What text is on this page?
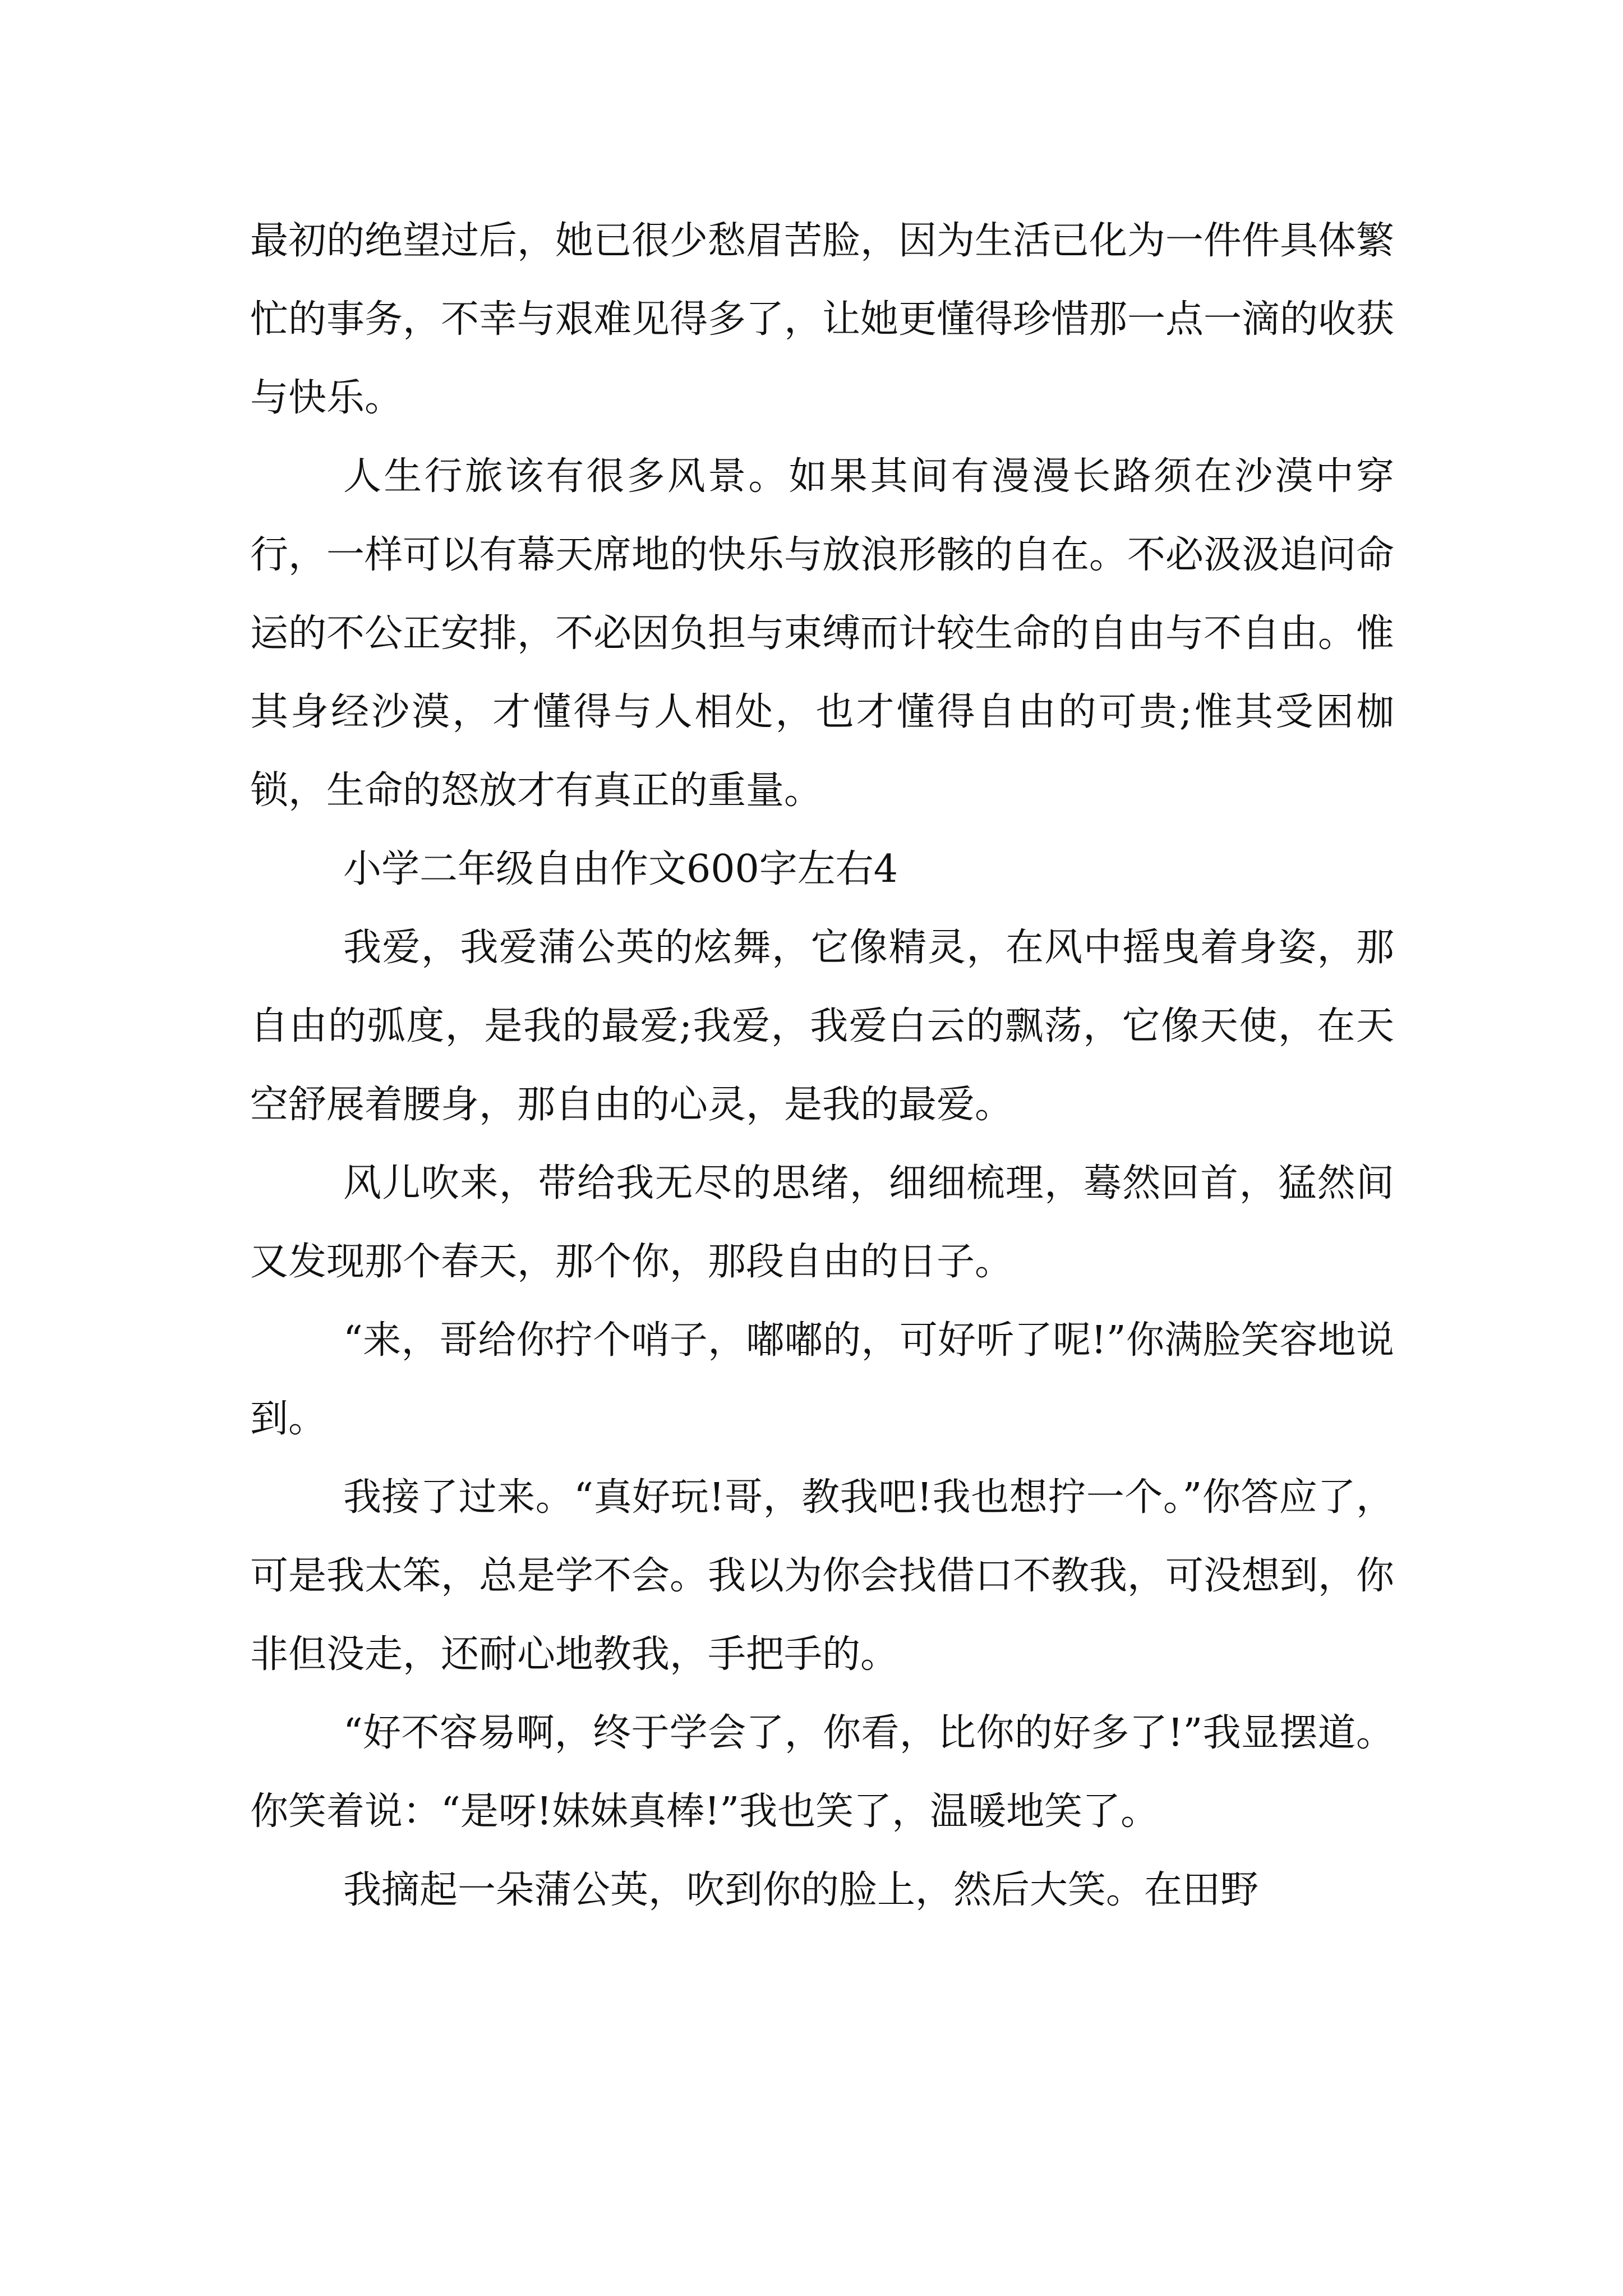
最初的绝望过后，她已很少愁眉苦脸，因为生活已化为一件件具体繁忙的事务，不幸与艰难见得多了，让她更懂得珍惜那一点一滴的收获与快乐。

人生行旅该有很多风景。如果其间有漫漫长路须在沙漠中穿行，一样可以有幕天席地的快乐与放浪形骸的自在。不必汲汲追问命运的不公正安排，不必因负担与束缚而计较生命的自由与不自由。惟其身经沙漠，才懂得与人相处，也才懂得自由的可贵;惟其受困枷锁，生命的怒放才有真正的重量。

小学二年级自由作文600字左右4

我爱，我爱蒲公英的炫舞，它像精灵，在风中摇曳着身姿，那自由的弧度，是我的最爱;我爱，我爱白云的飘荡，它像天使，在天空舒展着腰身，那自由的心灵，是我的最爱。

风儿吹来，带给我无尽的思绪，细细梳理，蓦然回首，猛然间又发现那个春天，那个你，那段自由的日子。

“来，哥给你拧个哨子，嘟嘟的，可好听了呢!”你满脸笑容地说到。

我接了过来。“真好玩!哥，教我吧!我也想拧一个。”你答应了，可是我太笨，总是学不会。我以为你会找借口不教我，可没想到，你非但没走，还耐心地教我，手把手的。

“好不容易啊，终于学会了，你看，比你的好多了!”我显摆道。你笑着说：“是呀!妹妹真棒!”我也笑了，温暖地笑了。

我摘起一朵蒲公英，吹到你的脸上，然后大笑。在田野
